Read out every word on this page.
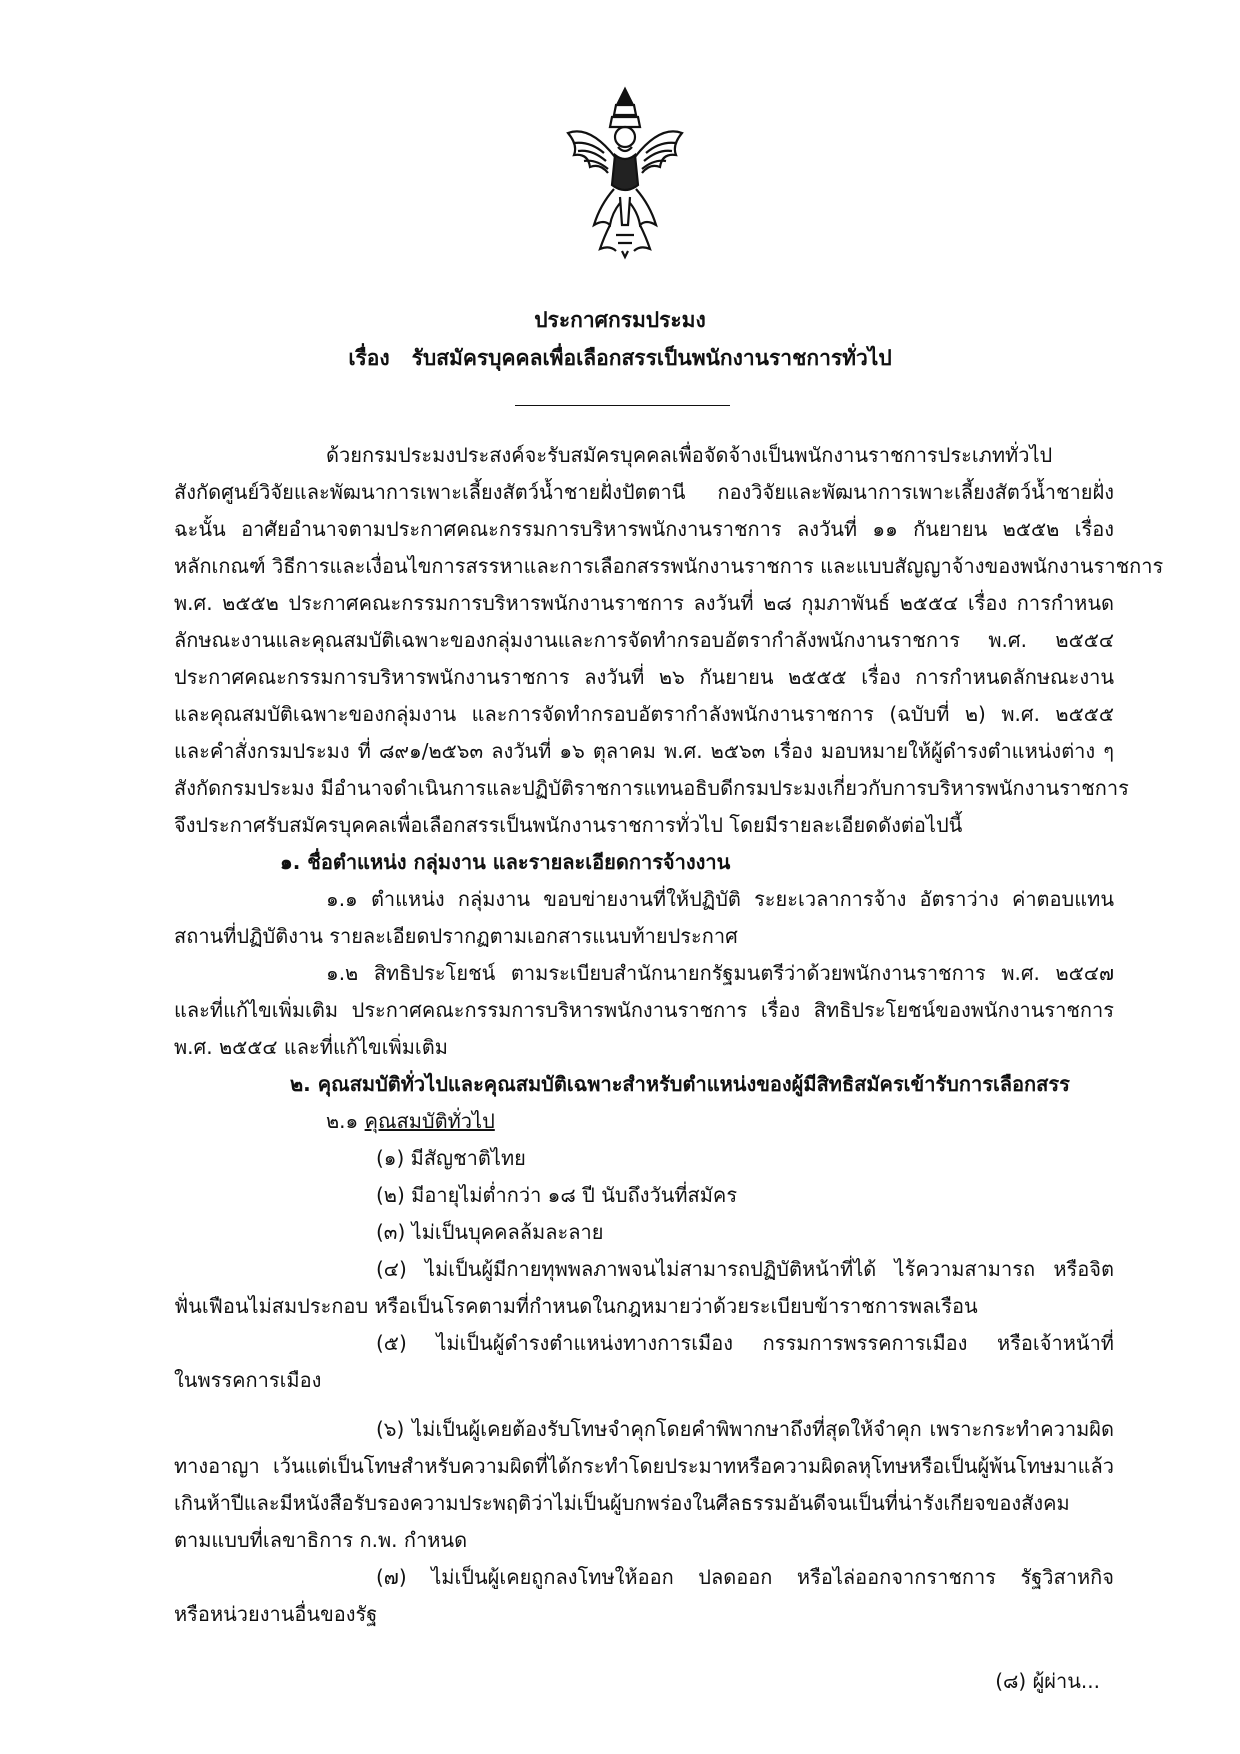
ประกาศกรมประมง
เรื่อง รับสมัครบุคคลเพื่อเลือกสรรเป็นพนักงานราชการทั่วไป
ด้วยกรมประมงประสงค์จะรับสมัครบุคคลเพื่อจัดจ้างเป็นพนักงานราชการประเภททั่วไป
สังกัดศูนย์วิจัยและพัฒนาการเพาะเลี้ยงสัตว์น้ำชายฝั่งปัตตานี กองวิจัยและพัฒนาการเพาะเลี้ยงสัตว์น้ำชายฝั่ง
ฉะนั้น อาศัยอำนาจตามประกาศคณะกรรมการบริหารพนักงานราชการ ลงวันที่ ๑๑ กันยายน ๒๕๕๒ เรื่อง
หลักเกณฑ์ วิธีการและเงื่อนไขการสรรหาและการเลือกสรรพนักงานราชการ และแบบสัญญาจ้างของพนักงานราชการ
พ.ศ. ๒๕๕๒ ประกาศคณะกรรมการบริหารพนักงานราชการ ลงวันที่ ๒๘ กุมภาพันธ์ ๒๕๕๔ เรื่อง การกำหนด
ลักษณะงานและคุณสมบัติเฉพาะของกลุ่มงานและการจัดทำกรอบอัตรากำลังพนักงานราชการ พ.ศ. ๒๕๕๔
ประกาศคณะกรรมการบริหารพนักงานราชการ ลงวันที่ ๒๖ กันยายน ๒๕๕๕ เรื่อง การกำหนดลักษณะงาน
และคุณสมบัติเฉพาะของกลุ่มงาน และการจัดทำกรอบอัตรากำลังพนักงานราชการ (ฉบับที่ ๒) พ.ศ. ๒๕๕๕
และคำสั่งกรมประมง ที่ ๘๙๑/๒๕๖๓ ลงวันที่ ๑๖ ตุลาคม พ.ศ. ๒๕๖๓ เรื่อง มอบหมายให้ผู้ดำรงตำแหน่งต่าง ๆ
สังกัดกรมประมง มีอำนาจดำเนินการและปฏิบัติราชการแทนอธิบดีกรมประมงเกี่ยวกับการบริหารพนักงานราชการ
จึงประกาศรับสมัครบุคคลเพื่อเลือกสรรเป็นพนักงานราชการทั่วไป โดยมีรายละเอียดดังต่อไปนี้
๑. ชื่อตำแหน่ง กลุ่มงาน และรายละเอียดการจ้างงาน
๑.๑ ตำแหน่ง กลุ่มงาน ขอบข่ายงานที่ให้ปฏิบัติ ระยะเวลาการจ้าง อัตราว่าง ค่าตอบแทน
สถานที่ปฏิบัติงาน รายละเอียดปรากฏตามเอกสารแนบท้ายประกาศ
๑.๒ สิทธิประโยชน์ ตามระเบียบสำนักนายกรัฐมนตรีว่าด้วยพนักงานราชการ พ.ศ. ๒๕๔๗
และที่แก้ไขเพิ่มเติม ประกาศคณะกรรมการบริหารพนักงานราชการ เรื่อง สิทธิประโยชน์ของพนักงานราชการ
พ.ศ. ๒๕๕๔ และที่แก้ไขเพิ่มเติม
๒. คุณสมบัติทั่วไปและคุณสมบัติเฉพาะสำหรับตำแหน่งของผู้มีสิทธิสมัครเข้ารับการเลือกสรร
๒.๑ คุณสมบัติทั่วไป
(๑) มีสัญชาติไทย
(๒) มีอายุไม่ต่ำกว่า ๑๘ ปี นับถึงวันที่สมัคร
(๓) ไม่เป็นบุคคลล้มละลาย
(๔) ไม่เป็นผู้มีกายทุพพลภาพจนไม่สามารถปฏิบัติหน้าที่ได้ ไร้ความสามารถ หรือจิต
ฟั่นเฟือนไม่สมประกอบ หรือเป็นโรคตามที่กำหนดในกฎหมายว่าด้วยระเบียบข้าราชการพลเรือน
(๕) ไม่เป็นผู้ดำรงตำแหน่งทางการเมือง กรรมการพรรคการเมือง หรือเจ้าหน้าที่
ในพรรคการเมือง
(๖) ไม่เป็นผู้เคยต้องรับโทษจำคุกโดยคำพิพากษาถึงที่สุดให้จำคุก เพราะกระทำความผิด
ทางอาญา เว้นแต่เป็นโทษสำหรับความผิดที่ได้กระทำโดยประมาทหรือความผิดลหุโทษหรือเป็นผู้พ้นโทษมาแล้ว
เกินห้าปีและมีหนังสือรับรองความประพฤติว่าไม่เป็นผู้บกพร่องในศีลธรรมอันดีจนเป็นที่น่ารังเกียจของสังคม
ตามแบบที่เลขาธิการ ก.พ. กำหนด
(๗) ไม่เป็นผู้เคยถูกลงโทษให้ออก ปลดออก หรือไล่ออกจากราชการ รัฐวิสาหกิจ
หรือหน่วยงานอื่นของรัฐ
(๘) ผู้ผ่าน...
